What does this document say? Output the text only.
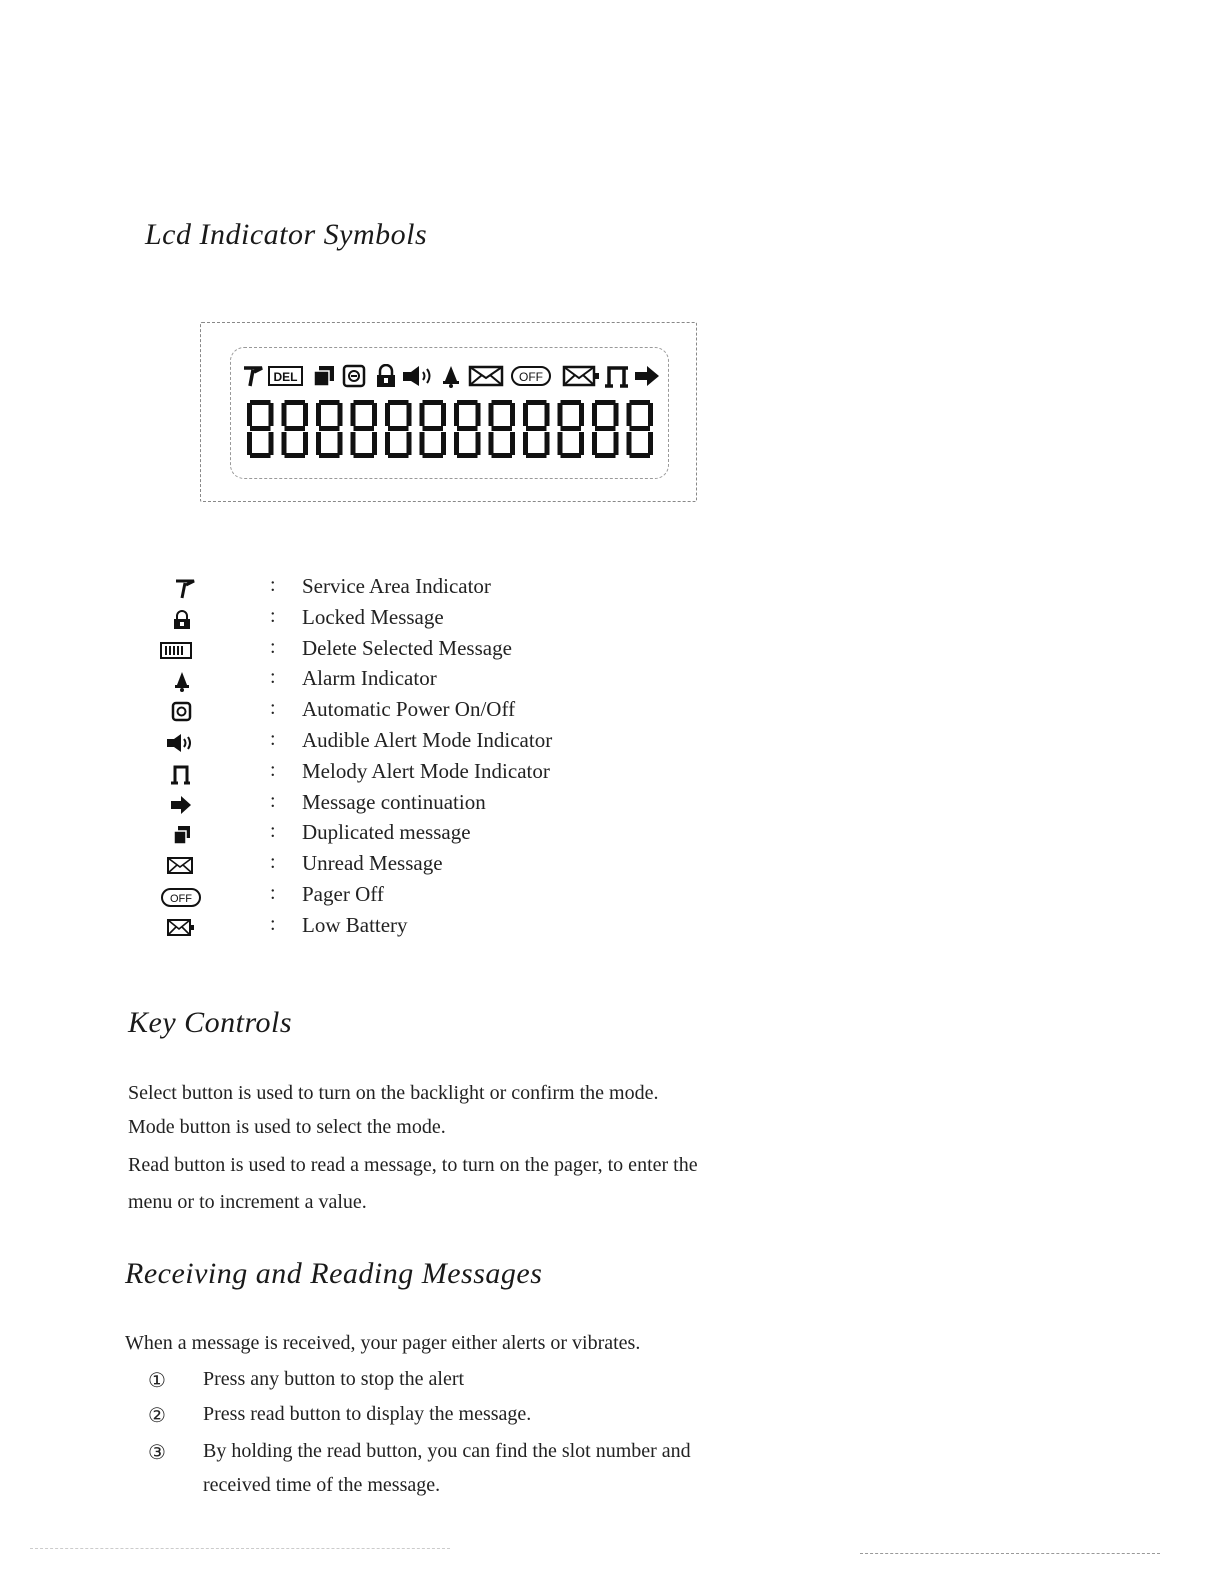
Lcd Indicator Symbols
DEL	OFF
: Service Area Indicator
: Locked Message
: Delete Selected Message
: Alarm Indicator
: Automatic Power On/Off
: Audible Alert Mode Indicator
: Melody Alert Mode Indicator
: Message continuation
: Duplicated message
: Unread Message
OFF	: Pager Off
: Low Battery
Key Controls

Select button is used to turn on the backlight or confirm the mode.

Mode button is used to select the mode.

Read button is used to read a message, to turn on the pager, to enter the

menu or to increment a value.

Receiving and Reading Messages

When a message is received, your pager either alerts or vibrates.

① Press any button to stop the alert
② Press read button to display the message.
③ By holding the read button, you can find the slot number and
received time of the message.
